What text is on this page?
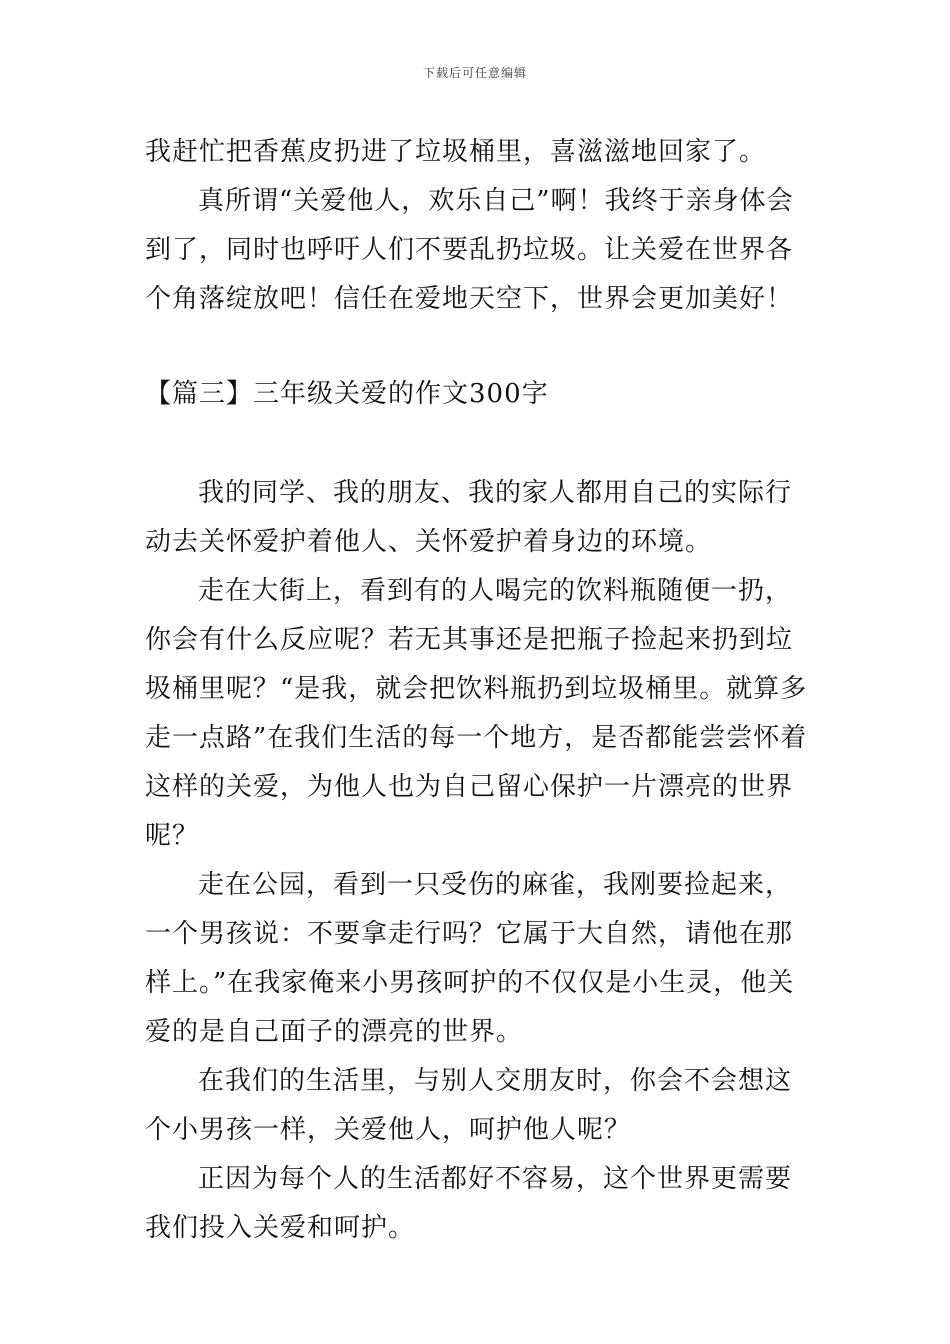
下载后可任意编辑

我赶忙把香蕉皮扔进了垃圾桶里，喜滋滋地回家了。

真所谓“关爱他人，欢乐自己”啊！我终于亲身体会到了，同时也呼吁人们不要乱扔垃圾。让关爱在世界各个角落绽放吧！信任在爱地天空下，世界会更加美好！

【篇三】三年级关爱的作文300字

我的同学、我的朋友、我的家人都用自己的实际行动去关怀爱护着他人、关怀爱护着身边的环境。

走在大街上，看到有的人喝完的饮料瓶随便一扔，你会有什么反应呢？若无其事还是把瓶子捡起来扔到垃圾桶里呢？“是我，就会把饮料瓶扔到垃圾桶里。就算多走一点路”在我们生活的每一个地方，是否都能尝尝怀着这样的关爱，为他人也为自己留心保护一片漂亮的世界呢？

走在公园，看到一只受伤的麻雀，我刚要捡起来，一个男孩说：不要拿走行吗？它属于大自然，请他在那样上。”在我家俺来小男孩呵护的不仅仅是小生灵，他关爱的是自己面子的漂亮的世界。

在我们的生活里，与别人交朋友时，你会不会想这个小男孩一样，关爱他人，呵护他人呢？

正因为每个人的生活都好不容易，这个世界更需要我们投入关爱和呵护。
